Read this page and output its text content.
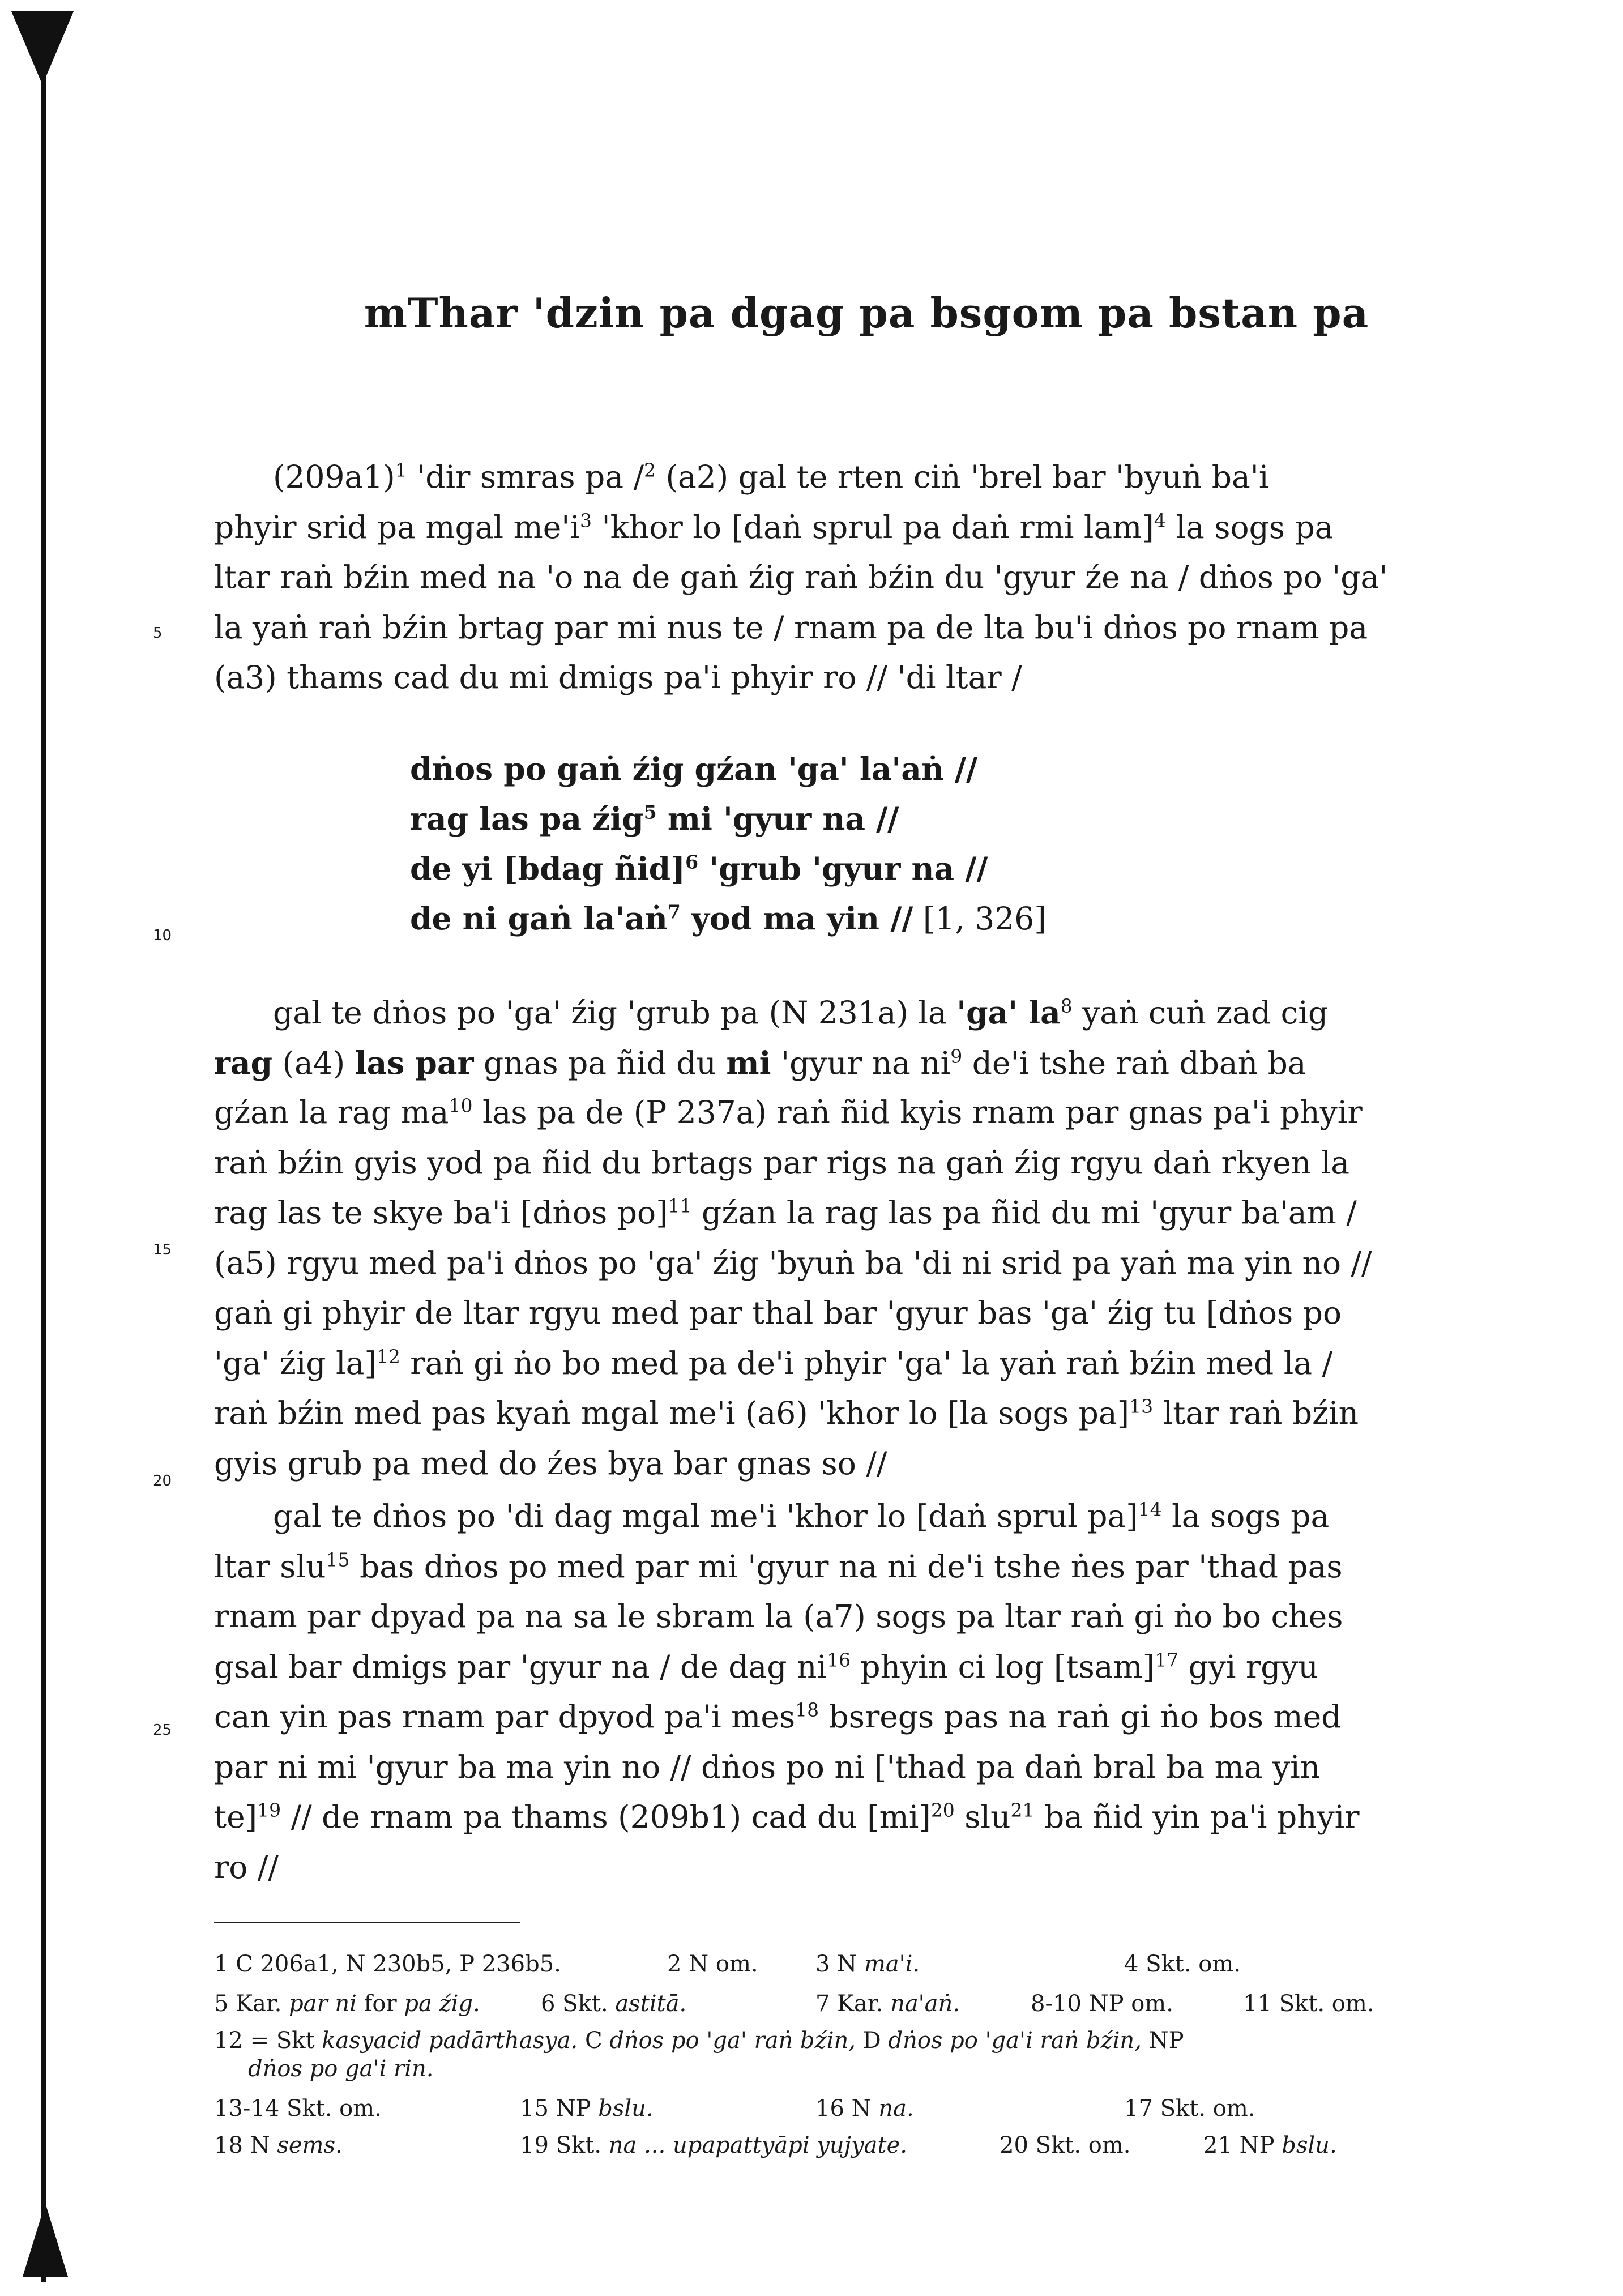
mThar 'dzin pa dgag pa bsgom pa bstan pa
$(209a1)^1$ 'dir smras pa /$^2$ (a2) gal te rten ciṅ 'brel bar 'byuṅ ba'i
phyir srid pa mgal $me'i^3$ 'khor lo [daṅ sprul pa daṅ rmi lam]$^4$ la sogs pa
ltar raṅ bźin med na 'o na de gaṅ źig raṅ bźin du 'gyur źe na / dṅos po 'ga'
la yaṅ raṅ bźin brtag par mi nus te / rnam pa de lta bu'i dṅos po rnam pa
(a3) thams cad du mi dmigs pa'i phyir ro // 'di ltar /
dṅos po gaṅ źig gźan 'ga' la'aṅ //
rag las pa źig$^5$ mi 'gyur na //
de yi [bdag ñid]$^6$ 'grub 'gyur na //
de ni gaṅ la'aṅ$^7$ yod ma yin // [1, 326]
gal te dṅos po 'ga' źig 'grub pa (N 231a) la 'ga' $la^8$ yaṅ cuṅ zad cig
rag (a4) las par gnas pa ñid du mi 'gyur na $ni^9$ de'i tshe raṅ dbaṅ ba
gźan la rag $ma^{10}$ las pa de (P 237a) raṅ ñid kyis rnam par gnas pa'i phyir
raṅ bźin gyis yod pa ñid du brtags par rigs na gaṅ źig rgyu daṅ rkyen la
rag las te skye ba'i [dṅos po]$^{11}$ gźan la rag las pa ñid du mi 'gyur ba'am /
(a5) rgyu med pa'i dṅos po 'ga' źig 'byuṅ ba 'di ni srid pa yaṅ ma yin no //
gaṅ gi phyir de ltar rgyu med par thal bar 'gyur bas 'ga' źig tu [dṅos po
'ga' źig la]$^{12}$ raṅ gi ṅo bo med pa de'i phyir 'ga' la yaṅ raṅ bźin med la /
raṅ bźin med pas kyaṅ mgal me'i (a6) 'khor lo [la sogs pa]$^{13}$ ltar raṅ bźin
gyis grub pa med do źes bya bar gnas so //
gal te dṅos po 'di dag mgal me'i 'khor lo [daṅ sprul pa]$^{14}$ la sogs pa
ltar slu$^{15}$ bas dṅos po med par mi 'gyur na ni de'i tshe ṅes par 'thad pas
rnam par dpyad pa na sa le sbram la (a7) sogs pa ltar raṅ gi ṅo bo ches
gsal bar dmigs par 'gyur na / de dag $ni^{16}$ phyin ci log [tsam]$^{17}$ gyi rgyu
can yin pas rnam par dpyod pa'i mes$^{18}$ bsregs pas na raṅ gi ṅo bos med
par ni mi 'gyur ba ma yin no // dṅos po ni ['thad pa daṅ bral ba ma yin
te]$^{19}$ // de rnam pa thams (209b1) cad du [mi]$^{20}$ slu$^{21}$ ba ñid yin pa'i phyir
ro //
5
10
15
20
25
1 C 206a1, N 230b5, P 236b5.	2 N om.	3 N ma'i.	4 Skt. om.
5 Kar. par ni for pa źig.	6 Skt. astitā.	7 Kar. na'aṅ.	8-10 NP om.	11 Skt. om.
12 = Skt kasyacid padārthasya. C dṅos po 'ga' raṅ bźin, D dṅos po 'ga'i raṅ bźin, NP
dṅos po ga'i rin.
13-14 Skt. om.	15 NP bslu.	16 N na.	17 Skt. om.
18 N sems.	19 Skt. na ... upapattyāpi yujyate.	20 Skt. om.	21 NP bslu.
